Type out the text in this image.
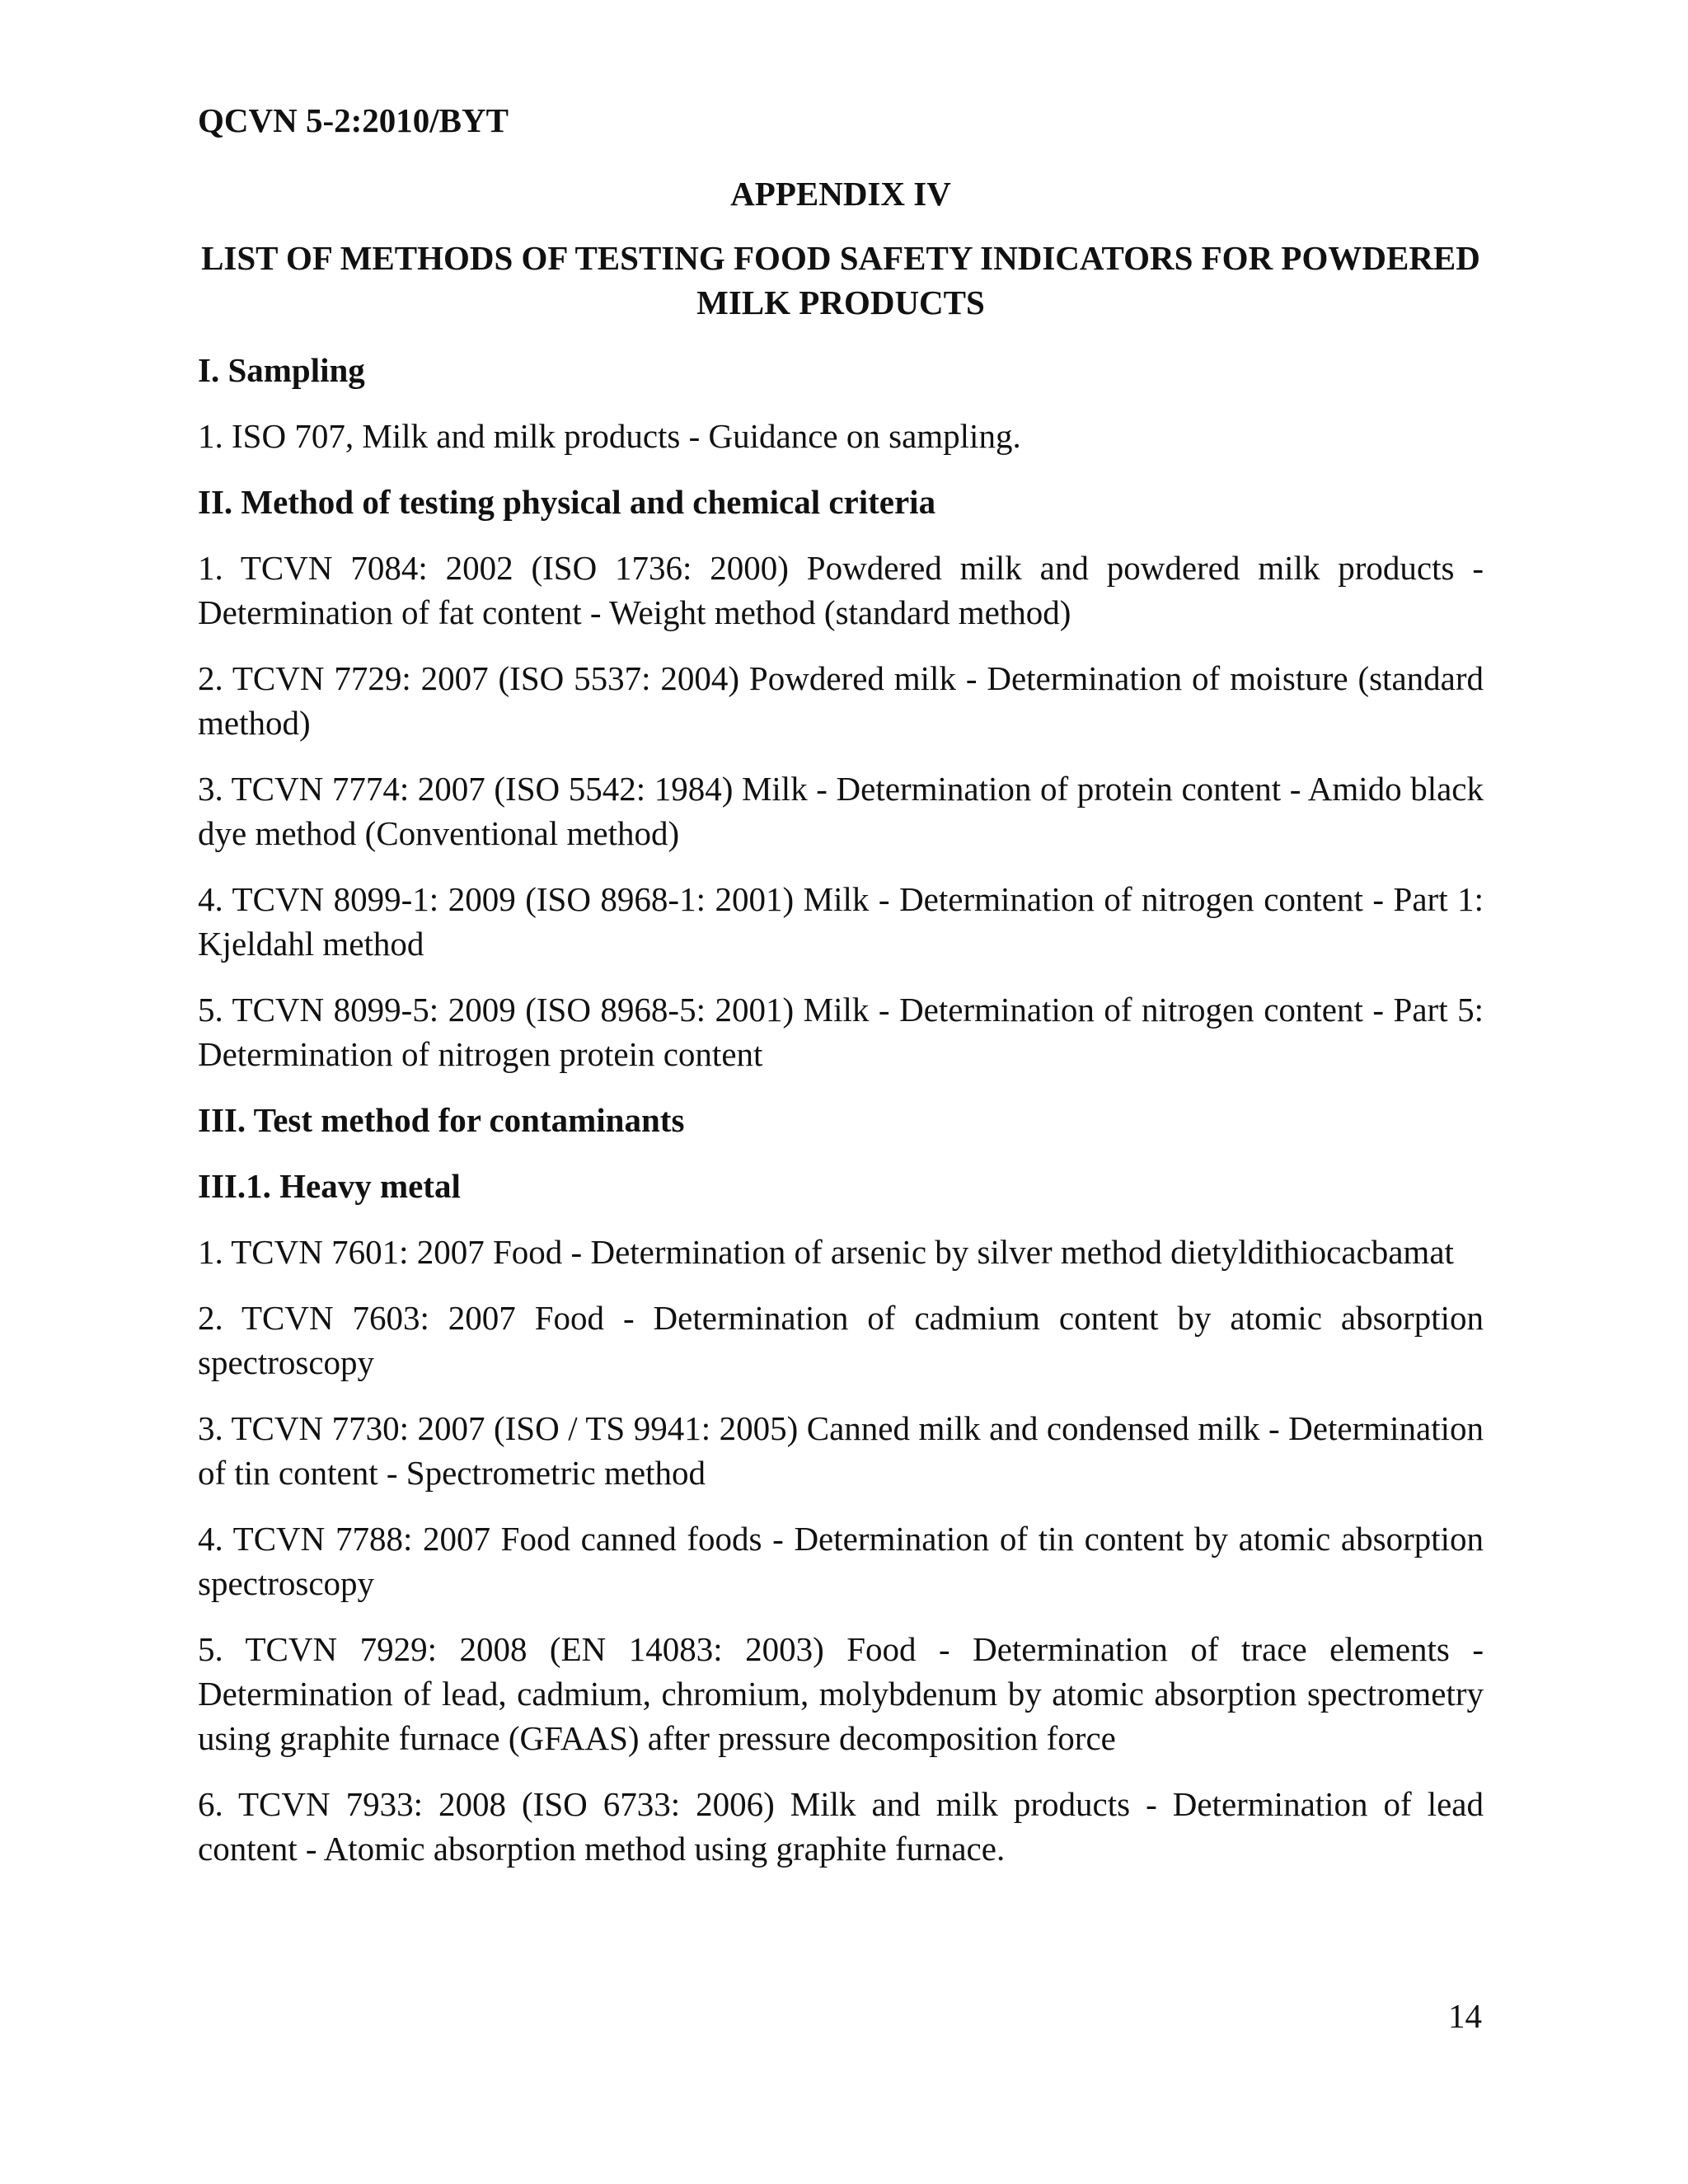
QCVN 5-2:2010/BYT
APPENDIX IV
LIST OF METHODS OF TESTING FOOD SAFETY INDICATORS FOR POWDERED MILK PRODUCTS
I. Sampling
1. ISO 707, Milk and milk products - Guidance on sampling.
II. Method of testing physical and chemical criteria
1. TCVN 7084: 2002 (ISO 1736: 2000) Powdered milk and powdered milk products - Determination of fat content - Weight method (standard method)
2. TCVN 7729: 2007 (ISO 5537: 2004) Powdered milk - Determination of moisture (standard method)
3. TCVN 7774: 2007 (ISO 5542: 1984) Milk - Determination of protein content - Amido black dye method (Conventional method)
4. TCVN 8099-1: 2009 (ISO 8968-1: 2001) Milk - Determination of nitrogen content - Part 1: Kjeldahl method
5. TCVN 8099-5: 2009 (ISO 8968-5: 2001) Milk - Determination of nitrogen content - Part 5: Determination of nitrogen protein content
III. Test method for contaminants
III.1. Heavy metal
1. TCVN 7601: 2007 Food - Determination of arsenic by silver method dietyldithiocacbamat
2. TCVN 7603: 2007 Food - Determination of cadmium content by atomic absorption spectroscopy
3. TCVN 7730: 2007 (ISO / TS 9941: 2005) Canned milk and condensed milk - Determination of tin content - Spectrometric method
4. TCVN 7788: 2007 Food canned foods - Determination of tin content by atomic absorption spectroscopy
5. TCVN 7929: 2008 (EN 14083: 2003) Food - Determination of trace elements - Determination of lead, cadmium, chromium, molybdenum by atomic absorption spectrometry using graphite furnace (GFAAS) after pressure decomposition force
6. TCVN 7933: 2008 (ISO 6733: 2006) Milk and milk products - Determination of lead content - Atomic absorption method using graphite furnace.
14
